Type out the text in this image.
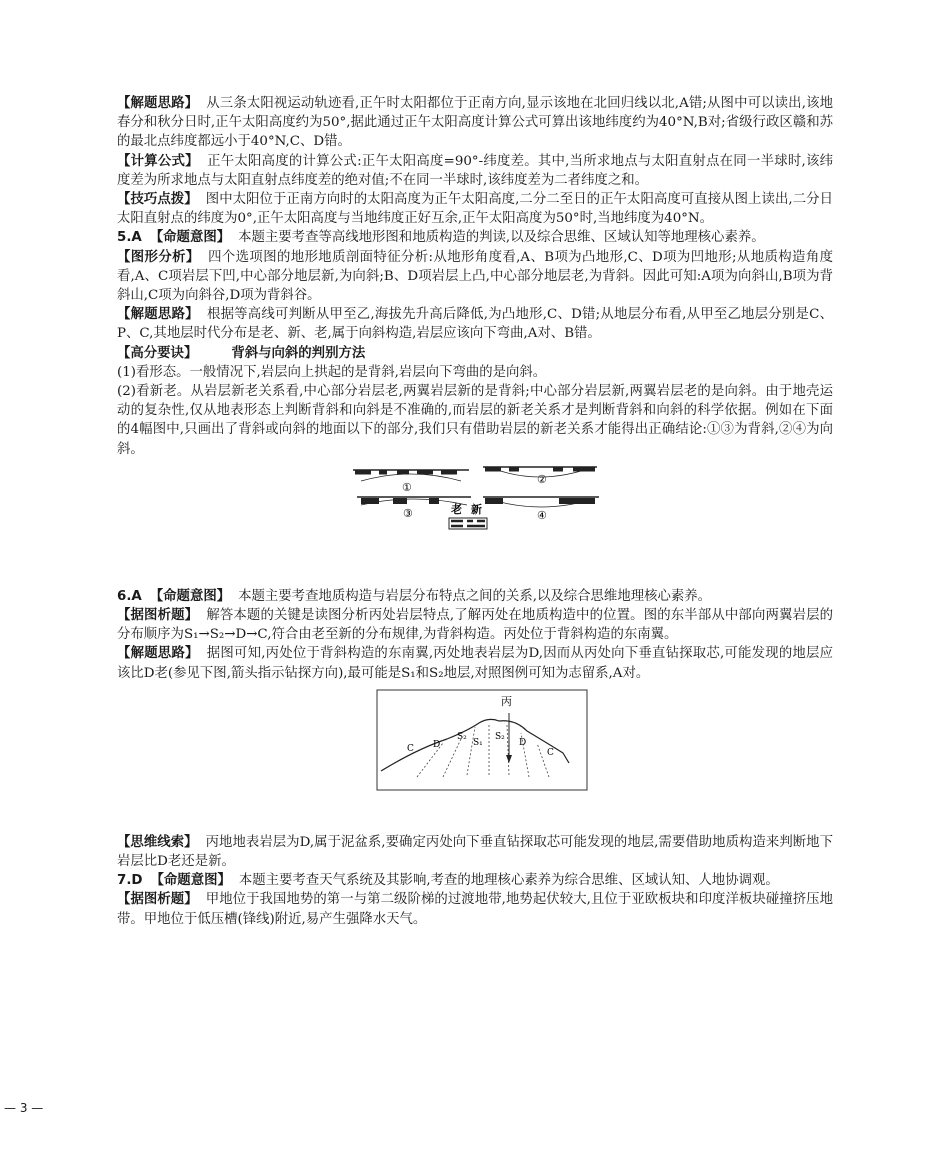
【解题思路】 从三条太阳视运动轨迹看,正午时太阳都位于正南方向,显示该地在北回归线以北,A错;从图中可以读出,该地春分和秋分日时,正午太阳高度约为50°,据此通过正午太阳高度计算公式可算出该地纬度约为40°N,B对;省级行政区赣和苏的最北点纬度都远小于40°N,C、D错。

【计算公式】 正午太阳高度的计算公式:正午太阳高度=90°-纬度差。其中,当所求地点与太阳直射点在同一半球时,该纬度差为所求地点与太阳直射点纬度差的绝对值;不在同一半球时,该纬度差为二者纬度之和。

【技巧点拨】 图中太阳位于正南方向时的太阳高度为正午太阳高度,二分二至日的正午太阳高度可直接从图上读出,二分日太阳直射点的纬度为0°,正午太阳高度与当地纬度正好互余,正午太阳高度为50°时,当地纬度为40°N。

5.A 【命题意图】 本题主要考查等高线地形图和地质构造的判读,以及综合思维、区域认知等地理核心素养。

【图形分析】 四个选项图的地形地质剖面特征分析:从地形角度看,A、B项为凸地形,C、D项为凹地形;从地质构造角度看,A、C项岩层下凹,中心部分地层新,为向斜;B、D项岩层上凸,中心部分地层老,为背斜。因此可知:A项为向斜山,B项为背斜山,C项为向斜谷,D项为背斜谷。

【解题思路】 根据等高线可判断从甲至乙,海拔先升高后降低,为凸地形,C、D错;从地层分布看,从甲至乙地层分别是C、P、C,其地层时代分布是老、新、老,属于向斜构造,岩层应该向下弯曲,A对、B错。

【高分要诀】	背斜与向斜的判别方法

(1)看形态。一般情况下,岩层向上拱起的是背斜,岩层向下弯曲的是向斜。

(2)看新老。从岩层新老关系看,中心部分岩层老,两翼岩层新的是背斜;中心部分岩层新,两翼岩层老的是向斜。由于地壳运动的复杂性,仅从地表形态上判断背斜和向斜是不准确的,而岩层的新老关系才是判断背斜和向斜的科学依据。例如在下面的4幅图中,只画出了背斜或向斜的地面以下的部分,我们只有借助岩层的新老关系才能得出正确结论:①③为背斜,②④为向斜。

①
②
③	④
老 新

6.A 【命题意图】 本题主要考查地质构造与岩层分布特点之间的关系,以及综合思维地理核心素养。

【据图析题】 解答本题的关键是读图分析丙处岩层特点,了解丙处在地质构造中的位置。图的东半部从中部向两翼岩层的分布顺序为S₁→S₂→D→C,符合由老至新的分布规律,为背斜构造。丙处位于背斜构造的东南翼。

【解题思路】 据图可知,丙处位于背斜构造的东南翼,丙处地表岩层为D,因而从丙处向下垂直钻探取芯,可能发现的地层应该比D老(参见下图,箭头指示钻探方向),最可能是S₁和S₂地层,对照图例可知为志留系,A对。

丙
C D
S₂
S₁
S₂
D
C

【思维线索】 丙地地表岩层为D,属于泥盆系,要确定丙处向下垂直钻探取芯可能发现的地层,需要借助地质构造来判断地下岩层比D老还是新。

7.D 【命题意图】 本题主要考查天气系统及其影响,考查的地理核心素养为综合思维、区域认知、人地协调观。

【据图析题】 甲地位于我国地势的第一与第二级阶梯的过渡地带,地势起伏较大,且位于亚欧板块和印度洋板块碰撞挤压地带。甲地位于低压槽(锋线)附近,易产生强降水天气。

— 3 —
